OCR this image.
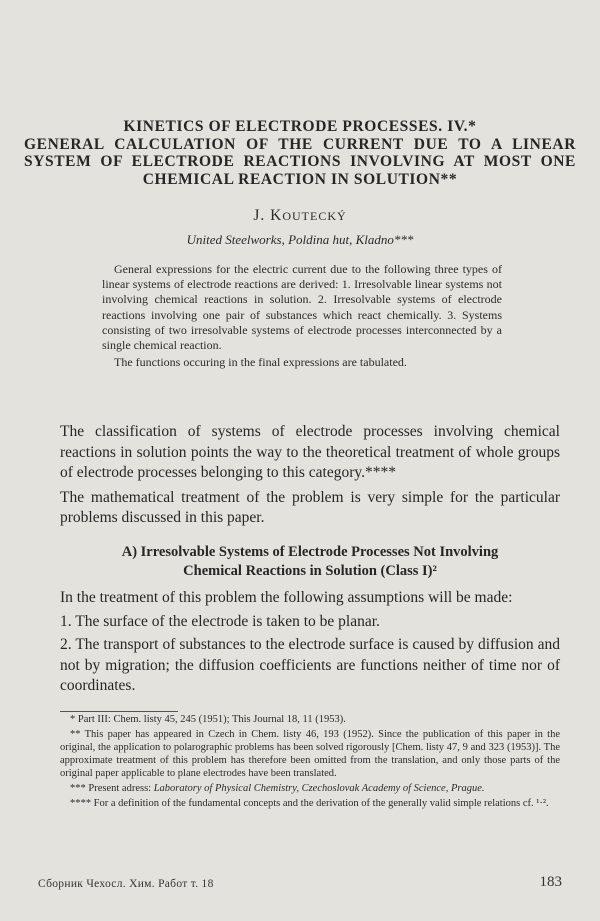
KINETICS OF ELECTRODE PROCESSES. IV.*
GENERAL CALCULATION OF THE CURRENT DUE TO A LINEAR
SYSTEM OF ELECTRODE REACTIONS INVOLVING AT MOST ONE
CHEMICAL REACTION IN SOLUTION**
J. KOUTECKÝ
United Steelworks, Poldina hut, Kladno***

General expressions for the electric current due to the following three types of linear systems of electrode reactions are derived: 1. Irresolvable linear systems not involving chemical reactions in solution. 2. Irresolvable systems of electrode reactions involving one pair of substances which react chemically. 3. Systems consisting of two irresolvable systems of electrode processes interconnected by a single chemical reaction.

The functions occuring in the final expressions are tabulated.

The classification of systems of electrode processes involving chemical reactions in solution points the way to the theoretical treatment of whole groups of electrode processes belonging to this category.****

The mathematical treatment of the problem is very simple for the particular problems discussed in this paper.

A) Irresolvable Systems of Electrode Processes Not Involving
Chemical Reactions in Solution (Class I)²

In the treatment of this problem the following assumptions will be made:

1. The surface of the electrode is taken to be planar.

2. The transport of substances to the electrode surface is caused by diffusion and not by migration; the diffusion coefficients are functions neither of time nor of coordinates.

* Part III: Chem. listy 45, 245 (1951); This Journal 18, 11 (1953).

** This paper has appeared in Czech in Chem. listy 46, 193 (1952). Since the publication of this paper in the original, the application to polarographic problems has been solved rigorously [Chem. listy 47, 9 and 323 (1953)]. The approximate treatment of this problem has therefore been omitted from the translation, and only those parts of the original paper applicable to plane electrodes have been translated.

*** Present adress: Laboratory of Physical Chemistry, Czechoslovak Academy of Science, Prague.

**** For a definition of the fundamental concepts and the derivation of the generally valid simple relations cf. ¹·².

Сборник Чехосл. Хим. Работ т. 18	183
